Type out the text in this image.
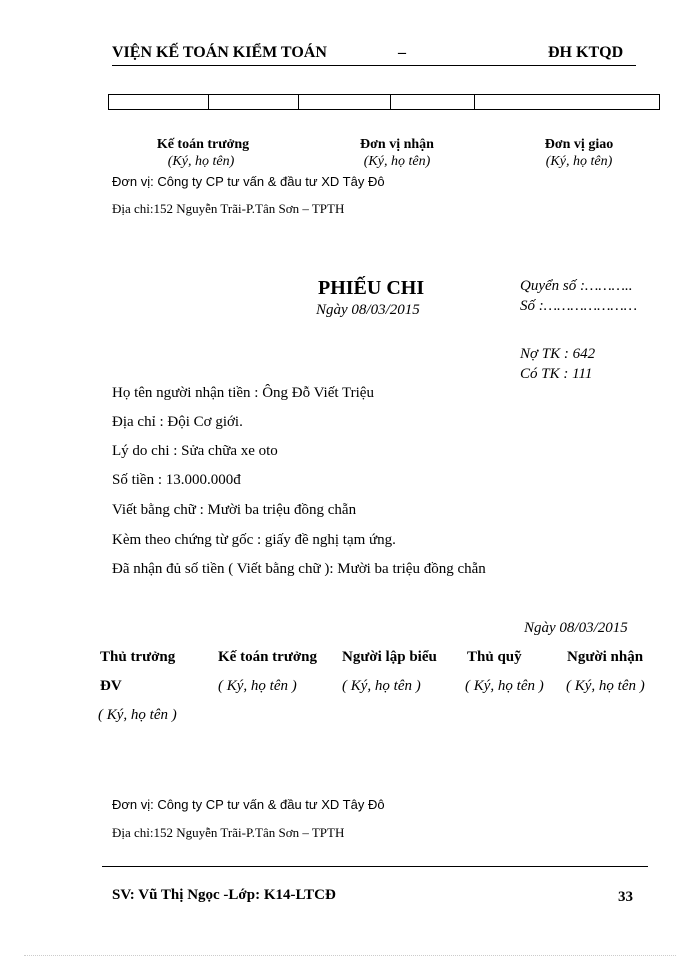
VIỆN KẾ TOÁN KIỂM TOÁN	–	ĐH KTQD
Kế toán trưởng
(Ký, họ tên)
Đơn vị nhận
(Ký, họ tên)
Đơn vị giao
(Ký, họ tên)
Đơn vị: Công ty CP tư vấn & đầu tư XD Tây Đô
Địa chỉ:152 Nguyễn Trãi-P.Tân Sơn – TPTH
PHIẾU CHI
Ngày 08/03/2015
Quyển số :………..
Số :…………………
Nợ TK : 642
Có TK : 111
Họ tên người nhận tiền : Ông Đỗ Viết Triệu
Địa chỉ : Đội Cơ giới.
Lý do chi : Sửa chữa xe oto
Số tiền : 13.000.000đ
Viết bằng chữ : Mười ba triệu đồng chẵn
Kèm theo chứng từ gốc : giấy đề nghị tạm ứng.
Đã nhận đủ số tiền ( Viết bằng chữ ): Mười ba triệu đồng chẵn
Ngày 08/03/2015
Thủ trưởng
ĐV
( Ký, họ tên )
Kế toán trưởng
( Ký, họ tên )
Người lập biểu
( Ký, họ tên )
Thủ quỹ
( Ký, họ tên )
Người nhận
( Ký, họ tên )
Đơn vị: Công ty CP tư vấn & đầu tư XD Tây Đô
Địa chỉ:152 Nguyễn Trãi-P.Tân Sơn – TPTH
SV: Vũ Thị Ngọc -Lớp: K14-LTCĐ	33
